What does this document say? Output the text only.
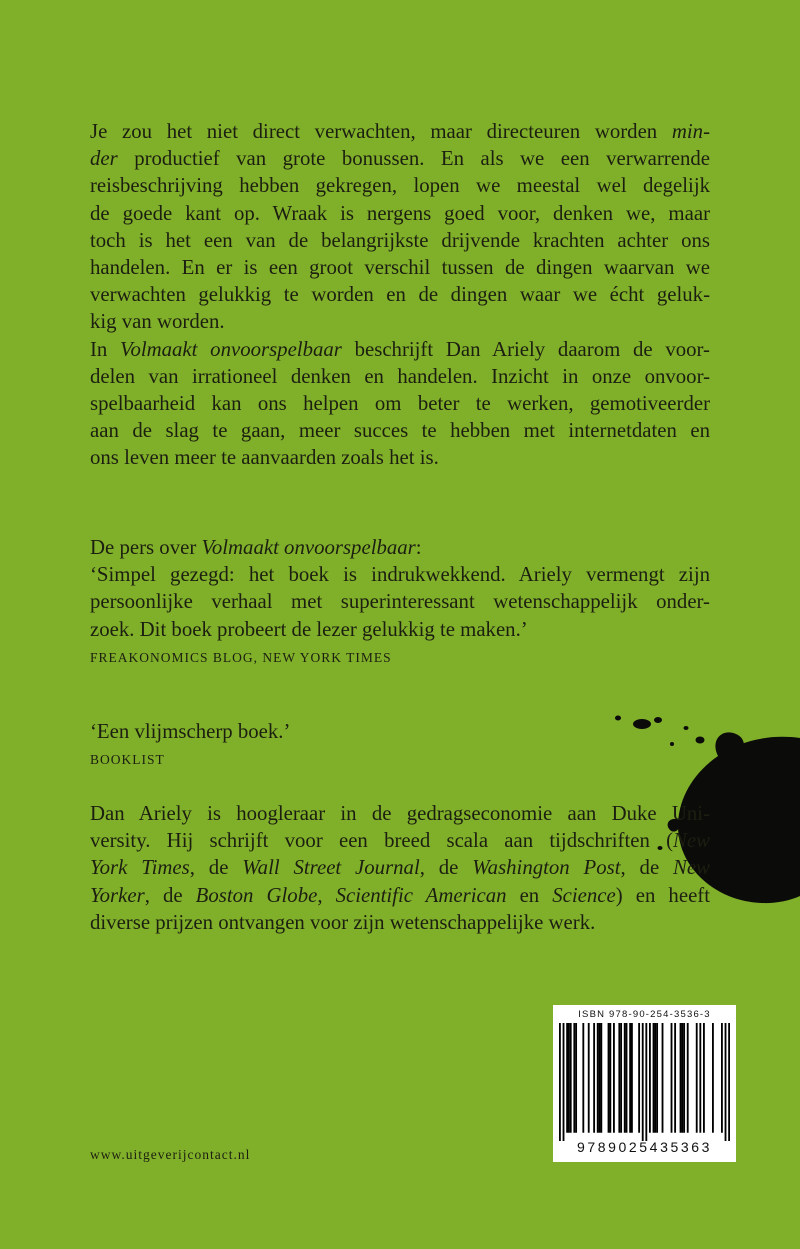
Je zou het niet direct verwachten, maar directeuren worden min-
der productief van grote bonussen. En als we een verwarrende
reisbeschrijving hebben gekregen, lopen we meestal wel degelijk
de goede kant op. Wraak is nergens goed voor, denken we, maar
toch is het een van de belangrijkste drijvende krachten achter ons
handelen. En er is een groot verschil tussen de dingen waarvan we
verwachten gelukkig te worden en de dingen waar we écht geluk-
kig van worden.
In Volmaakt onvoorspelbaar beschrijft Dan Ariely daarom de voor-
delen van irrationeel denken en handelen. Inzicht in onze onvoor-
spelbaarheid kan ons helpen om beter te werken, gemotiveerder
aan de slag te gaan, meer succes te hebben met internetdaten en
ons leven meer te aanvaarden zoals het is.
De pers over Volmaakt onvoorspelbaar:
‘Simpel gezegd: het boek is indrukwekkend. Ariely vermengt zijn
persoonlijke verhaal met superinteressant wetenschappelijk onder-
zoek. Dit boek probeert de lezer gelukkig te maken.’
FREAKONOMICS BLOG, NEW YORK TIMES
‘Een vlijmscherp boek.’
BOOKLIST
Dan Ariely is hoogleraar in de gedragseconomie aan Duke Uni-
versity. Hij schrijft voor een breed scala aan tijdschriften (New
York Times, de Wall Street Journal, de Washington Post, de New
Yorker, de Boston Globe, Scientific American en Science) en heeft
diverse prijzen ontvangen voor zijn wetenschappelijke werk.
ISBN 978-90-254-3536-3
9789025435363
www.uitgeverijcontact.nl
